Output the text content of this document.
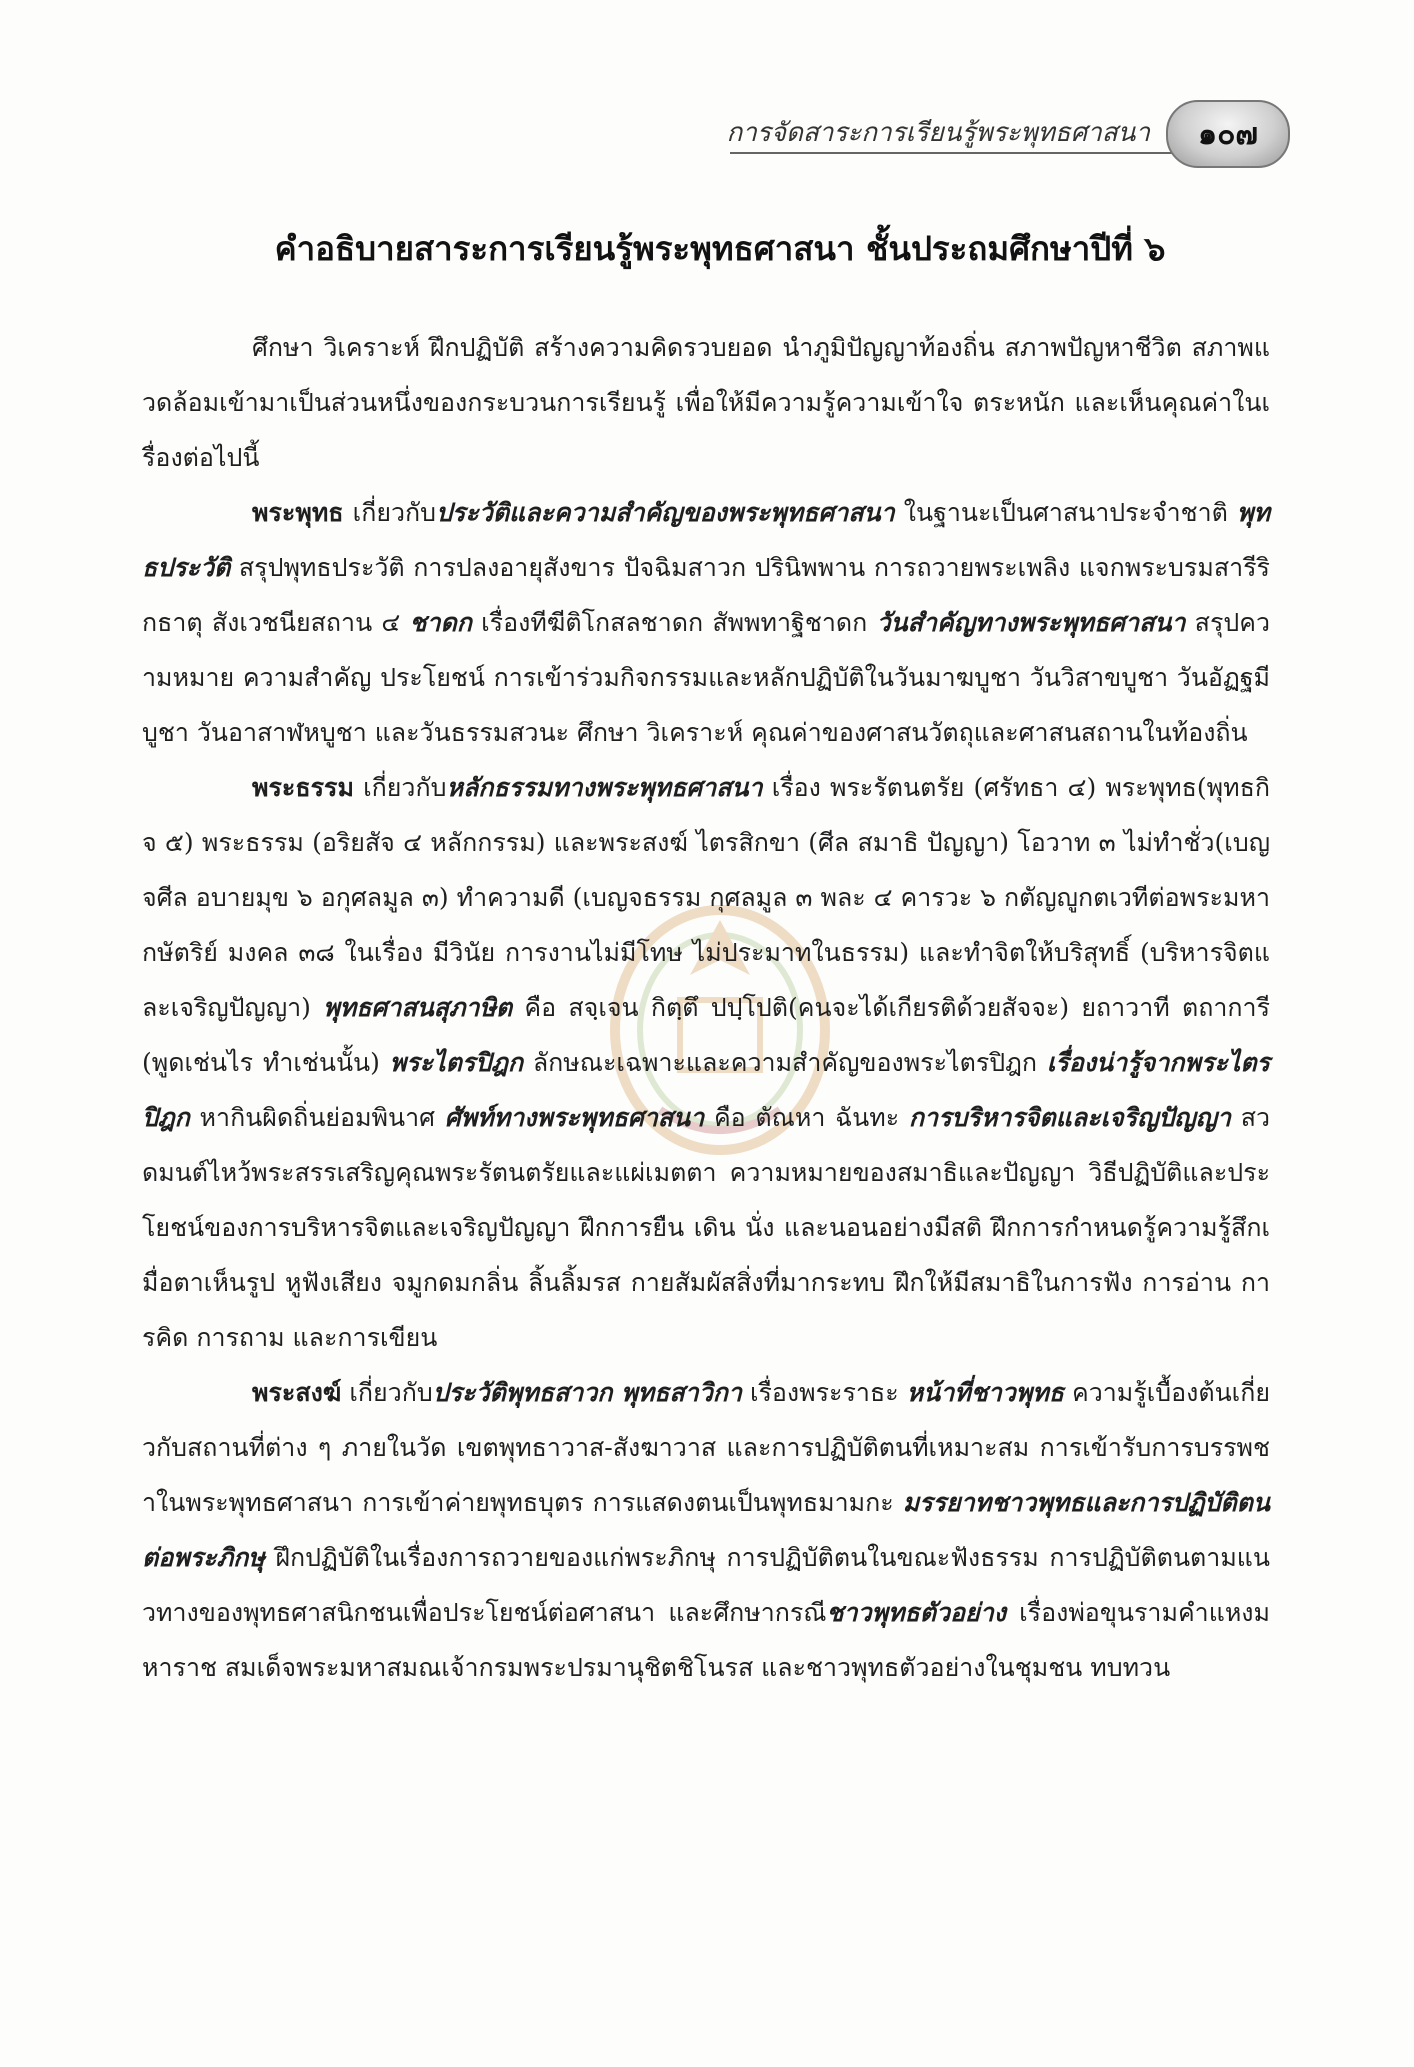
การจัดสาระการเรียนรู้พระพุทธศาสนา ๑๐๗
คำอธิบายสาระการเรียนรู้พระพุทธศาสนา ชั้นประถมศึกษาปีที่ ๖

ศึกษา วิเคราะห์ ฝึกปฏิบัติ สร้างความคิดรวบยอด นำภูมิปัญญาท้องถิ่น สภาพปัญหาชีวิต สภาพแวดล้อมเข้ามาเป็นส่วนหนึ่งของกระบวนการเรียนรู้ เพื่อให้มีความรู้ความเข้าใจ ตระหนัก และเห็นคุณค่าในเรื่องต่อไปนี้

พระพุทธ เกี่ยวกับประวัติและความสำคัญของพระพุทธศาสนา ในฐานะเป็นศาสนาประจำชาติ พุทธประวัติ สรุปพุทธประวัติ การปลงอายุสังขาร ปัจฉิมสาวก ปรินิพพาน การถวายพระเพลิง แจกพระบรมสารีริกธาตุ สังเวชนียสถาน ๔ ชาดก เรื่องทีฆีติโกสลชาดก สัพพทาฐิชาดก วันสำคัญทางพระพุทธศาสนา สรุปความหมาย ความสำคัญ ประโยชน์ การเข้าร่วมกิจกรรมและหลักปฏิบัติในวันมาฆบูชา วันวิสาขบูชา วันอัฏฐมีบูชา วันอาสาฬหบูชา และวันธรรมสวนะ ศึกษา วิเคราะห์ คุณค่าของศาสนวัตถุและศาสนสถานในท้องถิ่น

พระธรรม เกี่ยวกับหลักธรรมทางพระพุทธศาสนา เรื่อง พระรัตนตรัย (ศรัทธา ๔) พระพุทธ(พุทธกิจ ๕) พระธรรม (อริยสัจ ๔ หลักกรรม) และพระสงฆ์ ไตรสิกขา (ศีล สมาธิ ปัญญา) โอวาท ๓ ไม่ทำชั่ว(เบญจศีล อบายมุข ๖ อกุศลมูล ๓) ทำความดี (เบญจธรรม กุศลมูล ๓ พละ ๔ คารวะ ๖ กตัญญูกตเวทีต่อพระมหากษัตริย์ มงคล ๓๘ ในเรื่อง มีวินัย การงานไม่มีโทษ ไม่ประมาทในธรรม) และทำจิตให้บริสุทธิ์ (บริหารจิตและเจริญปัญญา) พุทธศาสนสุภาษิต คือ สจฺเจน กิตฺตึ ปปฺโปติ(คนจะได้เกียรติด้วยสัจจะ) ยถาวาที ตถาการี (พูดเช่นไร ทำเช่นนั้น) พระไตรปิฎก ลักษณะเฉพาะและความสำคัญของพระไตรปิฎก เรื่องน่ารู้จากพระไตรปิฎก หากินผิดถิ่นย่อมพินาศ ศัพท์ทางพระพุทธศาสนา คือ ตัณหา ฉันทะ การบริหารจิตและเจริญปัญญา สวดมนต์ไหว้พระสรรเสริญคุณพระรัตนตรัยและแผ่เมตตา ความหมายของสมาธิและปัญญา วิธีปฏิบัติและประโยชน์ของการบริหารจิตและเจริญปัญญา ฝึกการยืน เดิน นั่ง และนอนอย่างมีสติ ฝึกการกำหนดรู้ความรู้สึกเมื่อตาเห็นรูป หูฟังเสียง จมูกดมกลิ่น ลิ้นลิ้มรส กายสัมผัสสิ่งที่มากระทบ ฝึกให้มีสมาธิในการฟัง การอ่าน การคิด การถาม และการเขียน

พระสงฆ์ เกี่ยวกับประวัติพุทธสาวก พุทธสาวิกา เรื่องพระราธะ หน้าที่ชาวพุทธ ความรู้เบื้องต้นเกี่ยวกับสถานที่ต่าง ๆ ภายในวัด เขตพุทธาวาส-สังฆาวาส และการปฏิบัติตนที่เหมาะสม การเข้ารับการบรรพชาในพระพุทธศาสนา การเข้าค่ายพุทธบุตร การแสดงตนเป็นพุทธมามกะ มรรยาทชาวพุทธและการปฏิบัติตนต่อพระภิกษุ ฝึกปฏิบัติในเรื่องการถวายของแก่พระภิกษุ การปฏิบัติตนในขณะฟังธรรม การปฏิบัติตนตามแนวทางของพุทธศาสนิกชนเพื่อประโยชน์ต่อศาสนา และศึกษากรณีชาวพุทธตัวอย่าง เรื่องพ่อขุนรามคำแหงมหาราช สมเด็จพระมหาสมณเจ้ากรมพระปรมานุชิตชิโนรส และชาวพุทธตัวอย่างในชุมชน ทบทวน
